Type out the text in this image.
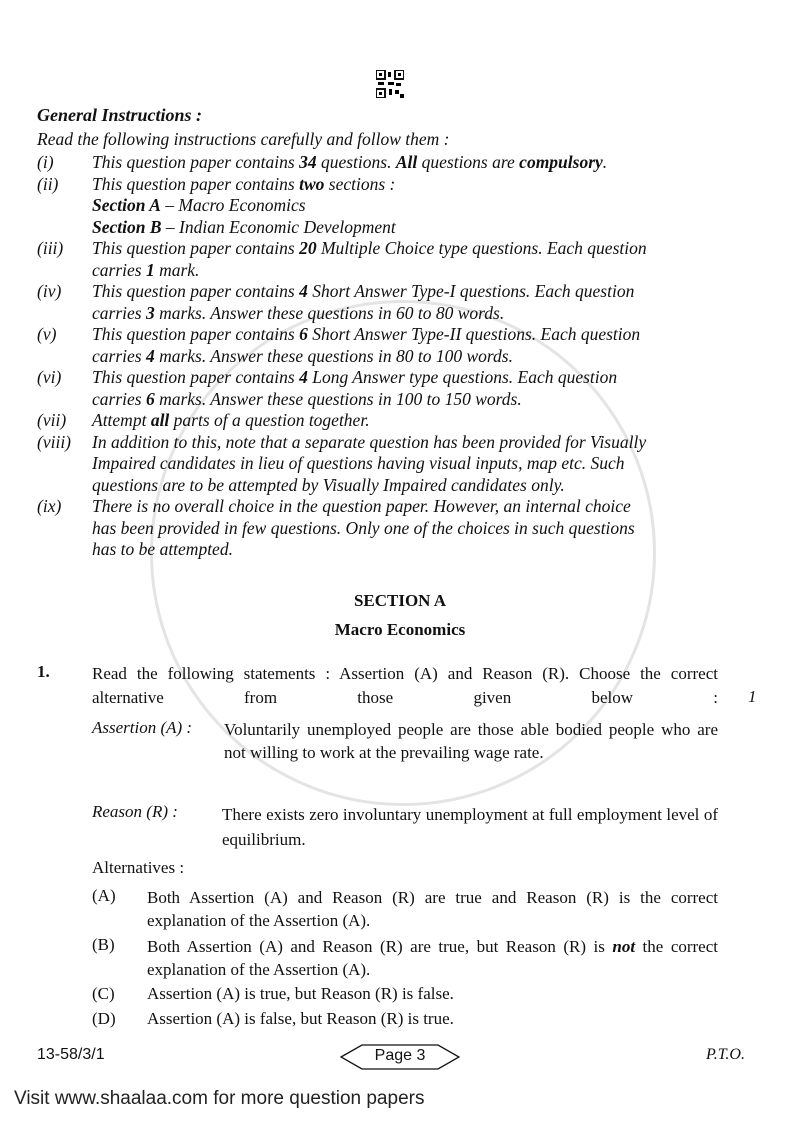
General Instructions :
Read the following instructions carefully and follow them :
(i) This question paper contains 34 questions. All questions are compulsory.
(ii) This question paper contains two sections :
Section A – Macro Economics
Section B – Indian Economic Development
(iii) This question paper contains 20 Multiple Choice type questions. Each question
carries 1 mark.
(iv) This question paper contains 4 Short Answer Type-I questions. Each question
carries 3 marks. Answer these questions in 60 to 80 words.
(v) This question paper contains 6 Short Answer Type-II questions. Each question
carries 4 marks. Answer these questions in 80 to 100 words.
(vi) This question paper contains 4 Long Answer type questions. Each question
carries 6 marks. Answer these questions in 100 to 150 words.
(vii) Attempt all parts of a question together.
(viii) In addition to this, note that a separate question has been provided for Visually
Impaired candidates in lieu of questions having visual inputs, map etc. Such
questions are to be attempted by Visually Impaired candidates only.
(ix) There is no overall choice in the question paper. However, an internal choice
has been provided in few questions. Only one of the choices in such questions
has to be attempted.
SECTION A
Macro Economics
1. Read the following statements : Assertion (A) and Reason (R). Choose the correct alternative from those given below : 1
Assertion (A) : Voluntarily unemployed people are those able bodied people who are not willing to work at the prevailing wage rate.
Reason (R) :	There exists zero involuntary unemployment at full employment level of equilibrium.
Alternatives :
(A) Both Assertion (A) and Reason (R) are true and Reason (R) is the correct explanation of the Assertion (A).
(B) Both Assertion (A) and Reason (R) are true, but Reason (R) is not the correct explanation of the Assertion (A).
(C) Assertion (A) is true, but Reason (R) is false.
(D) Assertion (A) is false, but Reason (R) is true.
13-58/3/1	Page 3	P.T.O.
Visit www.shaalaa.com for more question papers
